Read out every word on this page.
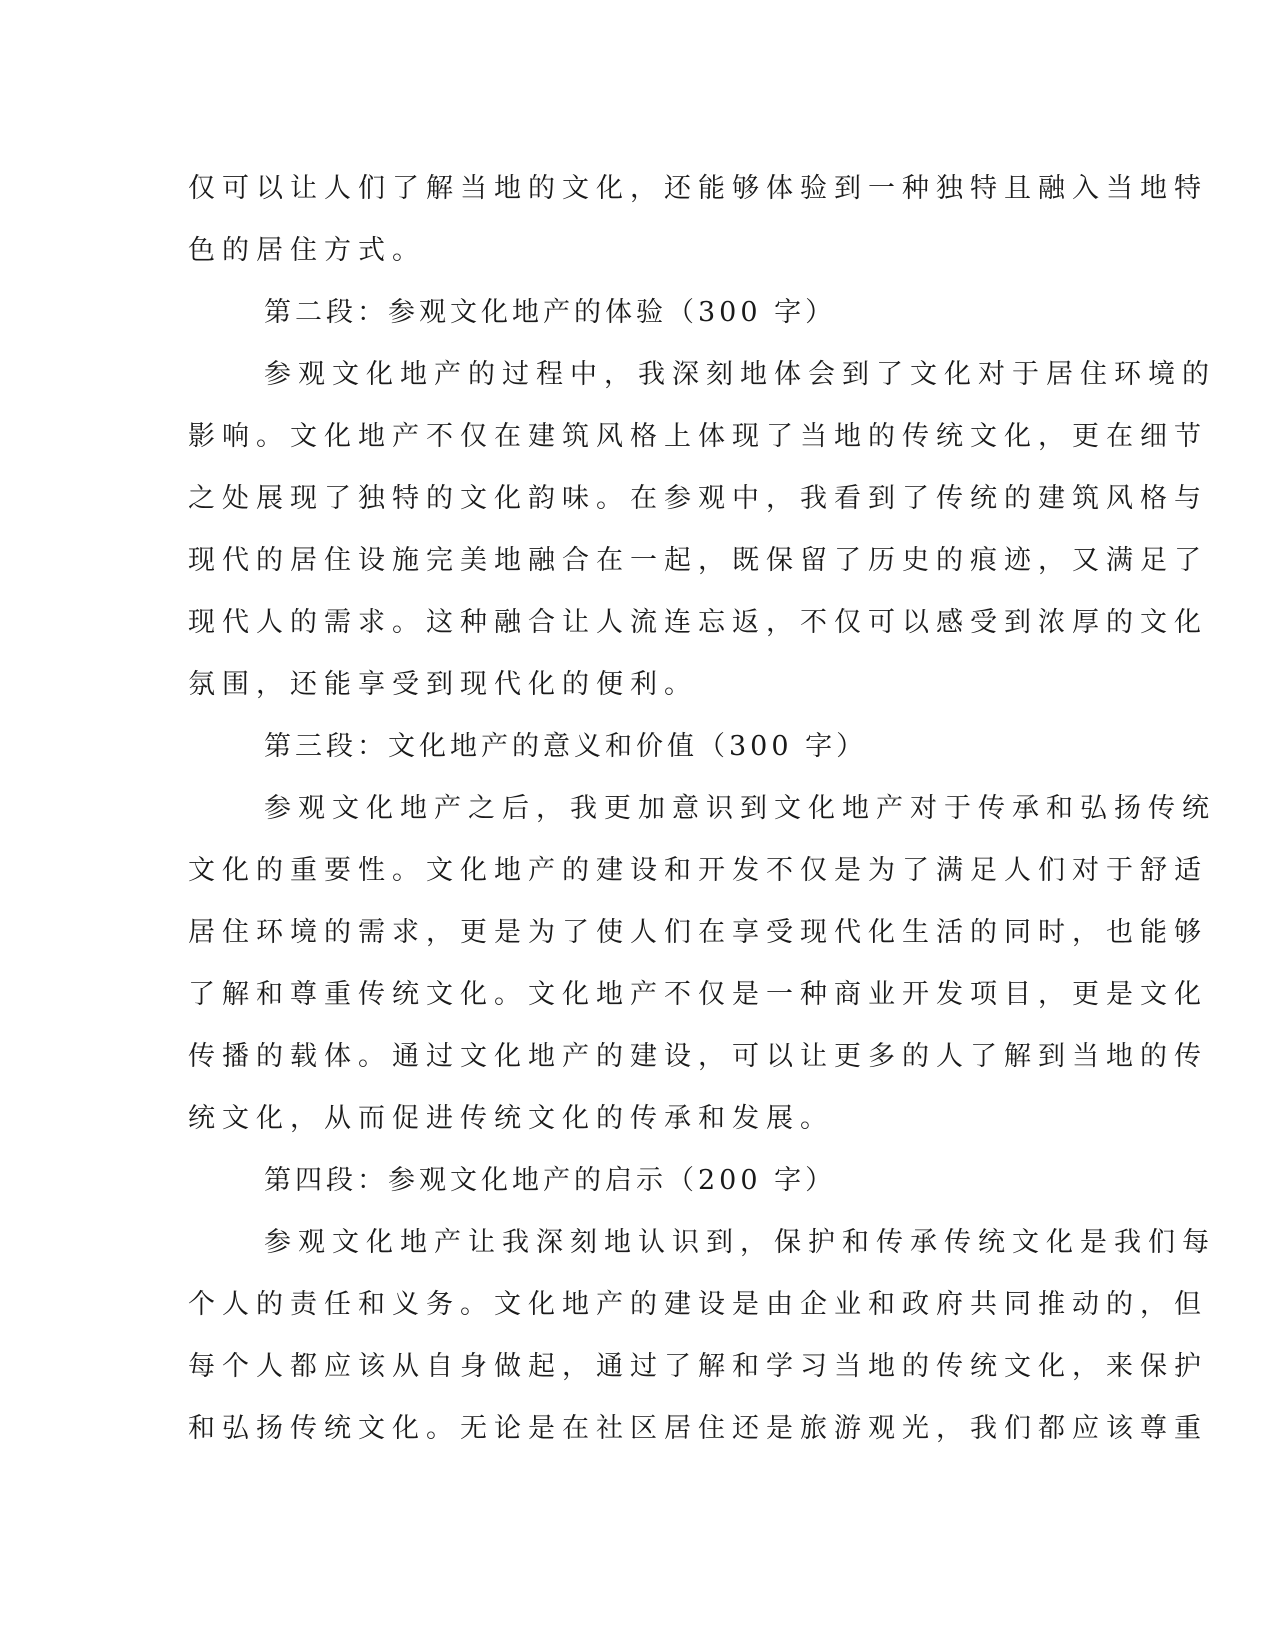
仅可以让人们了解当地的文化，还能够体验到一种独特且融入当地特
色的居住方式。
第二段：参观文化地产的体验（300 字）
参观文化地产的过程中，我深刻地体会到了文化对于居住环境的
影响。文化地产不仅在建筑风格上体现了当地的传统文化，更在细节
之处展现了独特的文化韵味。在参观中，我看到了传统的建筑风格与
现代的居住设施完美地融合在一起，既保留了历史的痕迹，又满足了
现代人的需求。这种融合让人流连忘返，不仅可以感受到浓厚的文化
氛围，还能享受到现代化的便利。
第三段：文化地产的意义和价值（300 字）
参观文化地产之后，我更加意识到文化地产对于传承和弘扬传统
文化的重要性。文化地产的建设和开发不仅是为了满足人们对于舒适
居住环境的需求，更是为了使人们在享受现代化生活的同时，也能够
了解和尊重传统文化。文化地产不仅是一种商业开发项目，更是文化
传播的载体。通过文化地产的建设，可以让更多的人了解到当地的传
统文化，从而促进传统文化的传承和发展。
第四段：参观文化地产的启示（200 字）
参观文化地产让我深刻地认识到，保护和传承传统文化是我们每
个人的责任和义务。文化地产的建设是由企业和政府共同推动的，但
每个人都应该从自身做起，通过了解和学习当地的传统文化，来保护
和弘扬传统文化。无论是在社区居住还是旅游观光，我们都应该尊重
